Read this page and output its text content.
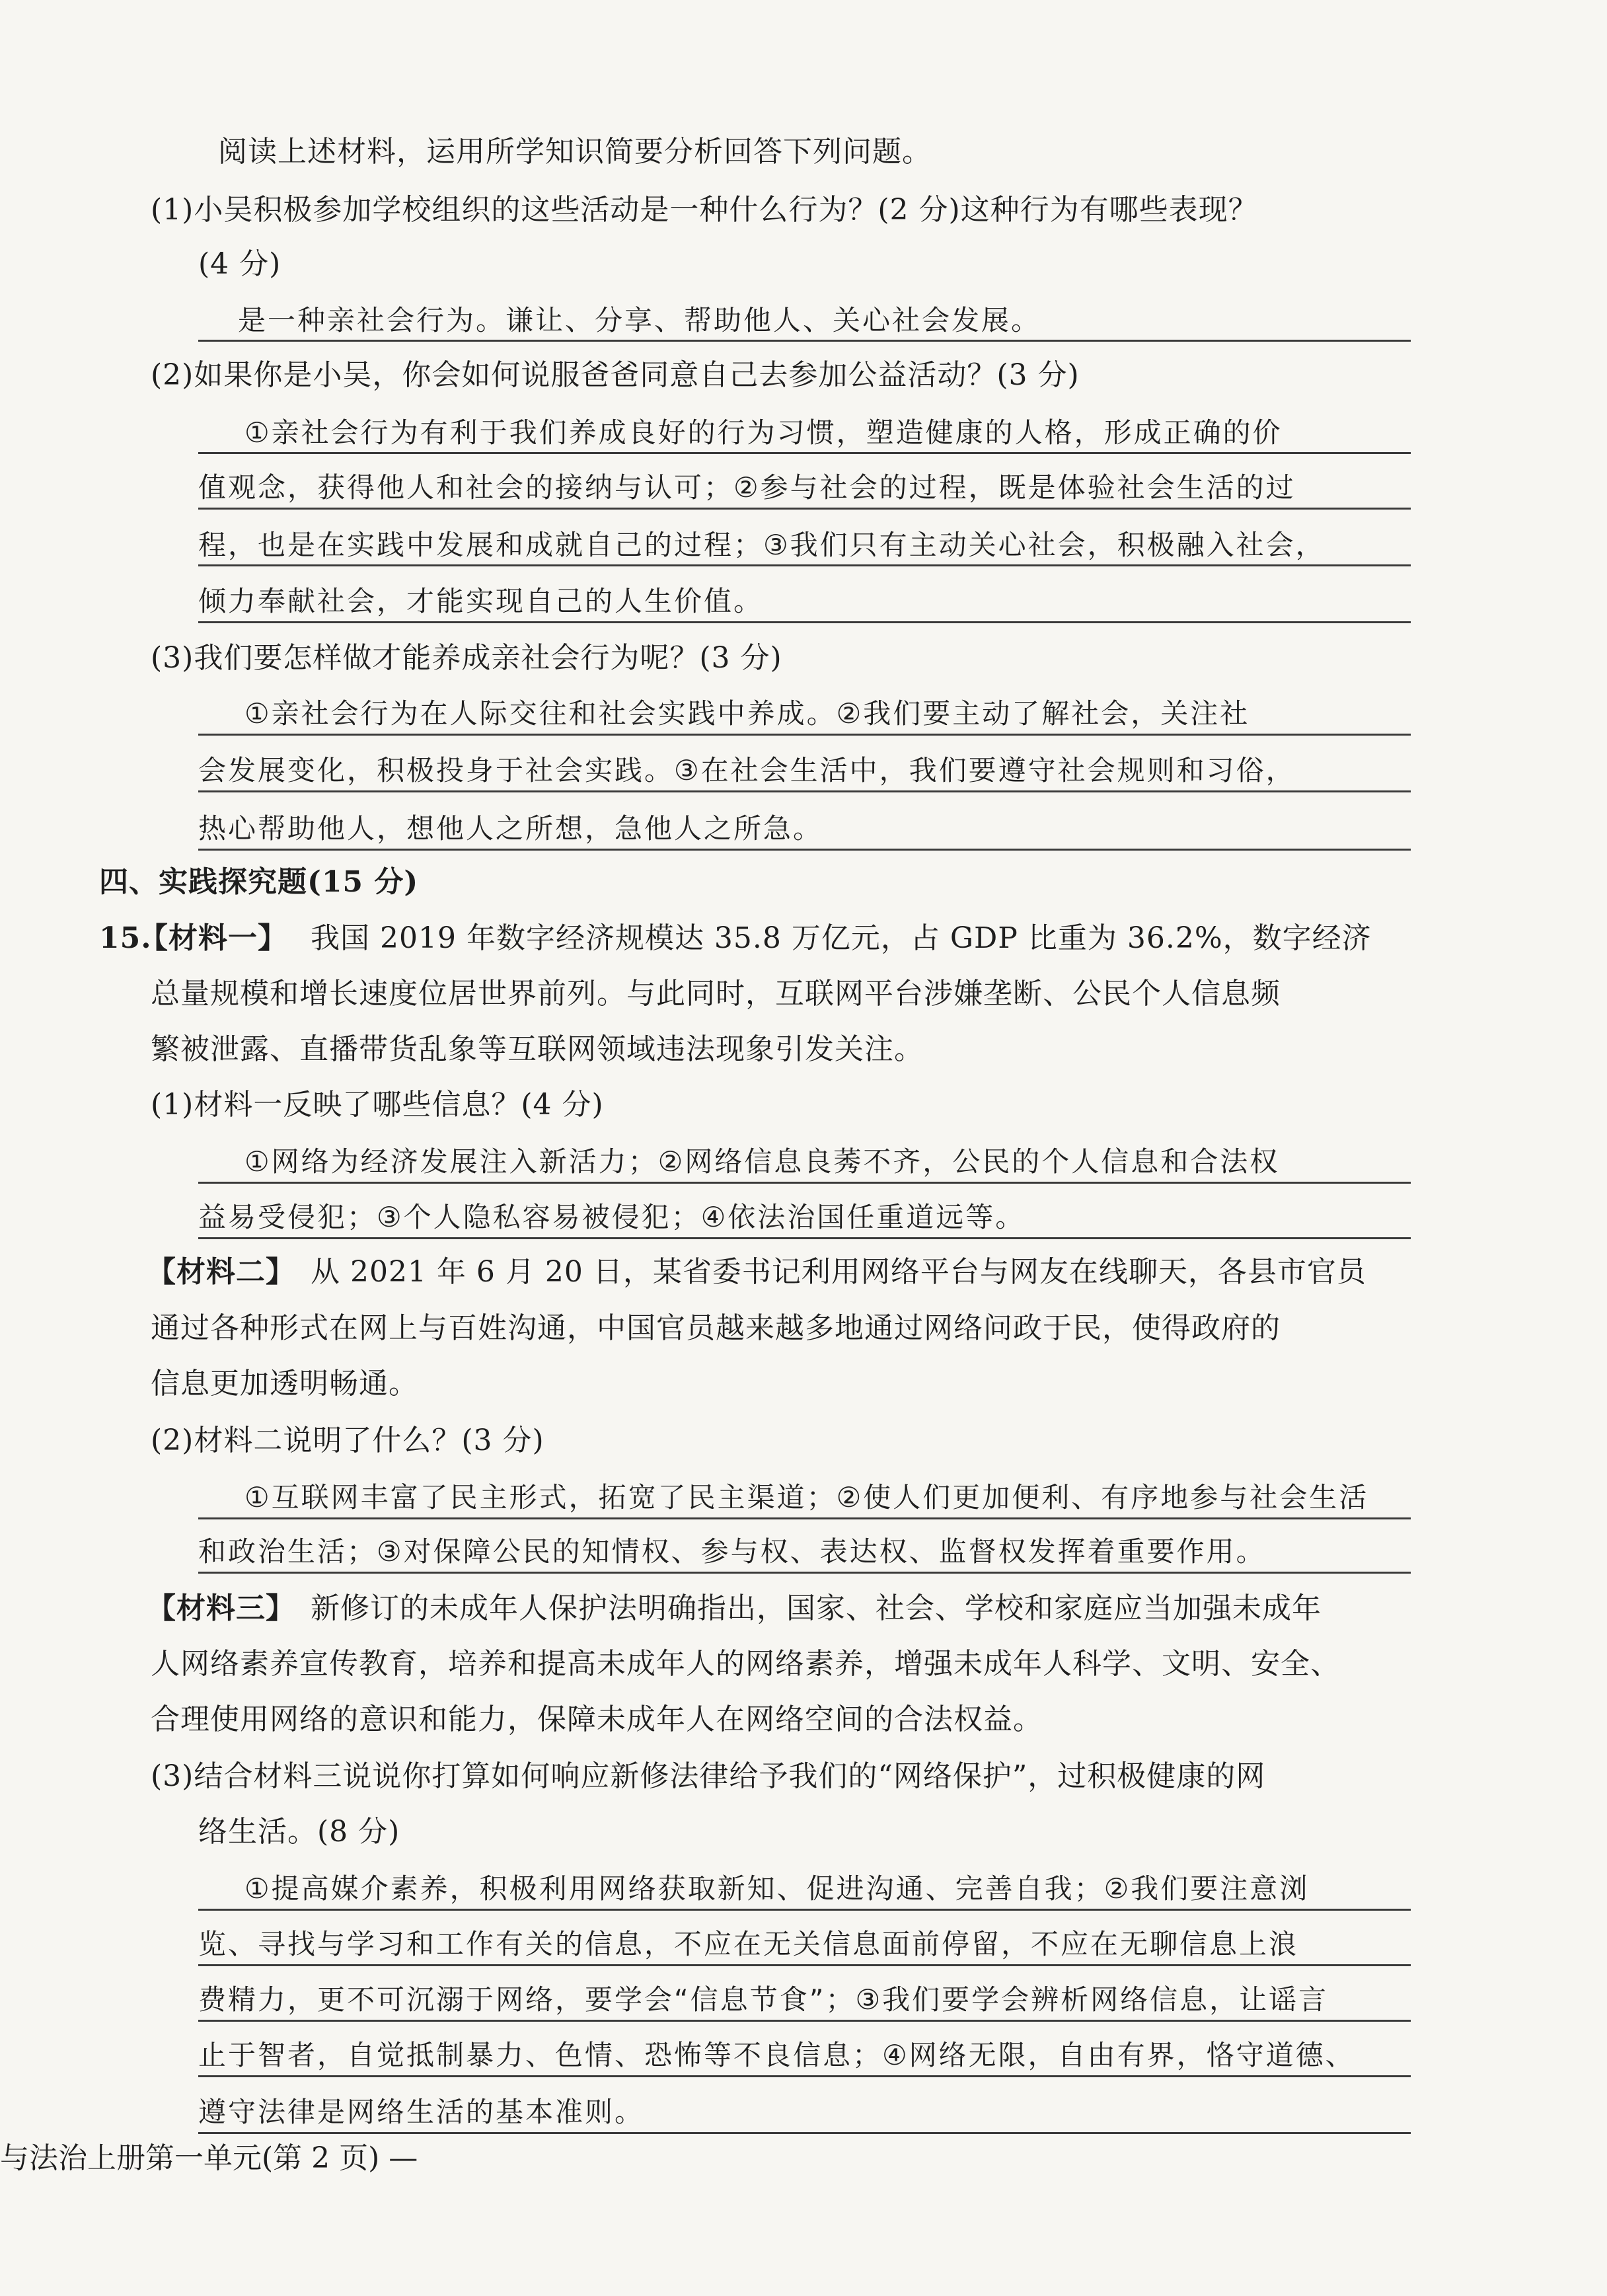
阅读上述材料，运用所学知识简要分析回答下列问题。
(1)小吴积极参加学校组织的这些活动是一种什么行为？(2 分)这种行为有哪些表现？
(4 分)
是一种亲社会行为。谦让、分享、帮助他人、关心社会发展。
(2)如果你是小吴，你会如何说服爸爸同意自己去参加公益活动？(3 分)
①亲社会行为有利于我们养成良好的行为习惯，塑造健康的人格，形成正确的价
值观念，获得他人和社会的接纳与认可；②参与社会的过程，既是体验社会生活的过
程，也是在实践中发展和成就自己的过程；③我们只有主动关心社会，积极融入社会，
倾力奉献社会，才能实现自己的人生价值。
(3)我们要怎样做才能养成亲社会行为呢？(3 分)
①亲社会行为在人际交往和社会实践中养成。②我们要主动了解社会，关注社
会发展变化，积极投身于社会实践。③在社会生活中，我们要遵守社会规则和习俗，
热心帮助他人，想他人之所想，急他人之所急。
四、实践探究题(15 分)
15.
【材料一】 我国 2019 年数字经济规模达 35.8 万亿元，占 GDP 比重为 36.2%，数字经济
总量规模和增长速度位居世界前列。与此同时，互联网平台涉嫌垄断、公民个人信息频
繁被泄露、直播带货乱象等互联网领域违法现象引发关注。
(1)材料一反映了哪些信息？(4 分)
①网络为经济发展注入新活力；②网络信息良莠不齐，公民的个人信息和合法权
益易受侵犯；③个人隐私容易被侵犯；④依法治国任重道远等。
【材料二】 从 2021 年 6 月 20 日，某省委书记利用网络平台与网友在线聊天，各县市官员
通过各种形式在网上与百姓沟通，中国官员越来越多地通过网络问政于民，使得政府的
信息更加透明畅通。
(2)材料二说明了什么？(3 分)
①互联网丰富了民主形式，拓宽了民主渠道；②使人们更加便利、有序地参与社会生活
和政治生活；③对保障公民的知情权、参与权、表达权、监督权发挥着重要作用。
【材料三】 新修订的未成年人保护法明确指出，国家、社会、学校和家庭应当加强未成年
人网络素养宣传教育，培养和提高未成年人的网络素养，增强未成年人科学、文明、安全、
合理使用网络的意识和能力，保障未成年人在网络空间的合法权益。
(3)结合材料三说说你打算如何响应新修法律给予我们的“网络保护”，过积极健康的网
络生活。(8 分)
①提高媒介素养，积极利用网络获取新知、促进沟通、完善自我；②我们要注意浏
览、寻找与学习和工作有关的信息，不应在无关信息面前停留，不应在无聊信息上浪
费精力，更不可沉溺于网络，要学会“信息节食”；③我们要学会辨析网络信息，让谣言
止于智者，自觉抵制暴力、色情、恐怖等不良信息；④网络无限，自由有界，恪守道德、
遵守法律是网络生活的基本准则。
与法治上册第一单元(第 2 页) —
